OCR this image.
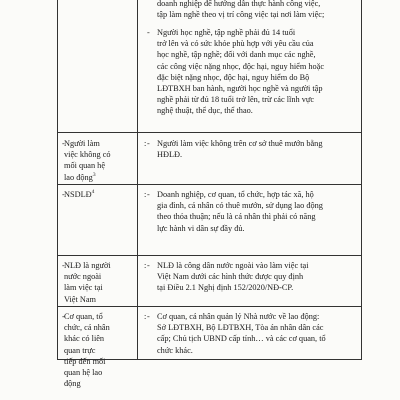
doanh nghiệp để hướng dẫn thực hành công việc,
tập làm nghề theo vị trí công việc tại nơi làm việc;
- Người học nghề, tập nghề phải đủ 14 tuổi
trở lên và có sức khỏe phù hợp với yêu cầu của
học nghề, tập nghề; đối với danh mục các nghề,
các công việc nặng nhọc, độc hại, nguy hiểm hoặc
đặc biệt nặng nhọc, độc hại, nguy hiểm do Bộ
LĐTBXH ban hành, người học nghề và người tập
nghề phải từ đủ 18 tuổi trở lên, trừ các lĩnh vực
nghệ thuật, thể dục, thể thao.
- Người làm
việc không có
mối quan hệ
lao động$^3$
: - Người làm việc không trên cơ sở thuê mướn bằng
HĐLĐ.
- NSDLĐ$^4$	: - Doanh nghiệp, cơ quan, tổ chức, hợp tác xã, hộ
gia đình, cá nhân có thuê mướn, sử dụng lao động
theo thỏa thuận; nếu là cá nhân thì phải có năng
lực hành vi dân sự đầy đủ.
- NLĐ là người
nước ngoài
làm việc tại
Việt Nam
: - NLĐ là công dân nước ngoài vào làm việc tại
Việt Nam dưới các hình thức được quy định
tại Điều 2.1 Nghị định 152/2020/NĐ-CP.
- Cơ quan, tổ
chức, cá nhân
khác có liên
quan trực
tiếp đến mối
quan hệ lao
động
: - Cơ quan, cá nhân quản lý Nhà nước về lao động:
Sở LĐTBXH, Bộ LĐTBXH, Tòa án nhân dân các
cấp; Chủ tịch UBND cấp tỉnh… và các cơ quan, tổ
chức khác.
